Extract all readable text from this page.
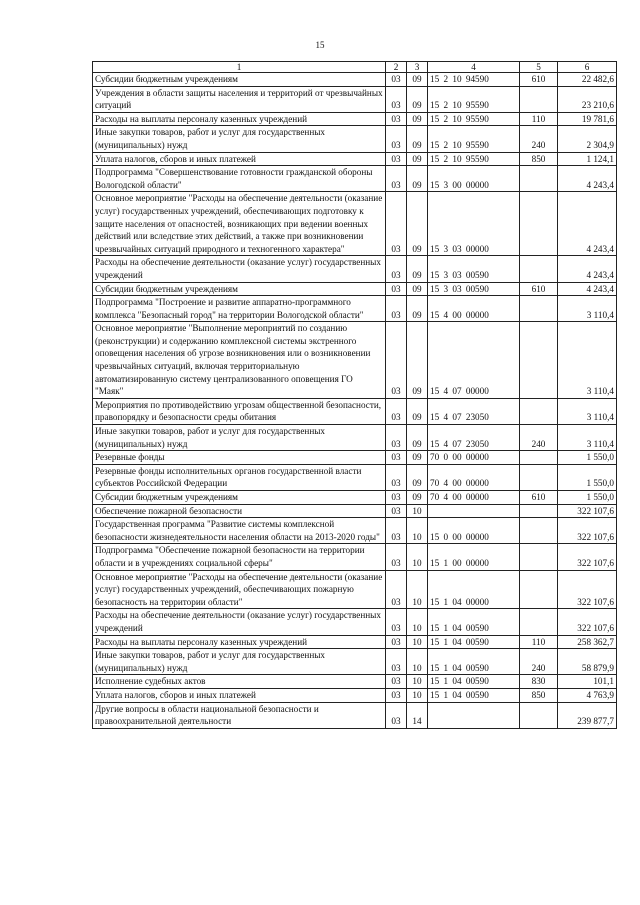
15
1	2	3	4	5	6
Субсидии бюджетным учреждениям	03	09	15 2 10 94590	610	22 482,6
Учреждения в области защиты населения и территорий от чрезвычайных ситуаций	03	09	15 2 10 95590		23 210,6
Расходы на выплаты персоналу казенных учреждений	03	09	15 2 10 95590	110	19 781,6
Иные закупки товаров, работ и услуг для государственных (муниципальных) нужд	03	09	15 2 10 95590	240	2 304,9
Уплата налогов, сборов и иных платежей	03	09	15 2 10 95590	850	1 124,1
Подпрограмма "Совершенствование готовности гражданской обороны Вологодской области"	03	09	15 3 00 00000		4 243,4
Основное мероприятие "Расходы на обеспечение деятельности (оказание услуг) государственных учреждений, обеспечивающих подготовку к защите населения от опасностей, возникающих при ведении военных действий или вследствие этих действий, а также при возникновении чрезвычайных ситуаций природного и техногенного характера"	03	09	15 3 03 00000		4 243,4
Расходы на обеспечение деятельности (оказание услуг) государственных учреждений	03	09	15 3 03 00590		4 243,4
Субсидии бюджетным учреждениям	03	09	15 3 03 00590	610	4 243,4
Подпрограмма "Построение и развитие аппаратно-программного комплекса "Безопасный город" на территории Вологодской области"	03	09	15 4 00 00000		3 110,4
Основное мероприятие "Выполнение мероприятий по созданию (реконструкции) и содержанию комплексной системы экстренного оповещения населения об угрозе возникновения или о возникновении чрезвычайных ситуаций, включая территориальную автоматизированную систему централизованного оповещения ГО "Маяк"	03	09	15 4 07 00000		3 110,4
Мероприятия по противодействию угрозам общественной безопасности, правопорядку и безопасности среды обитания	03	09	15 4 07 23050		3 110,4
Иные закупки товаров, работ и услуг для государственных (муниципальных) нужд	03	09	15 4 07 23050	240	3 110,4
Резервные фонды	03	09	70 0 00 00000		1 550,0
Резервные фонды исполнительных органов государственной власти субъектов Российской Федерации	03	09	70 4 00 00000		1 550,0
Субсидии бюджетным учреждениям	03	09	70 4 00 00000	610	1 550,0
Обеспечение пожарной безопасности	03	10			322 107,6
Государственная программа "Развитие системы комплексной безопасности жизнедеятельности населения области на 2013-2020 годы"	03	10	15 0 00 00000		322 107,6
Подпрограмма "Обеспечение пожарной безопасности на территории области и в учреждениях социальной сферы"	03	10	15 1 00 00000		322 107,6
Основное мероприятие "Расходы на обеспечение деятельности (оказание услуг) государственных учреждений, обеспечивающих пожарную безопасность на территории области"	03	10	15 1 04 00000		322 107,6
Расходы на обеспечение деятельности (оказание услуг) государственных учреждений	03	10	15 1 04 00590		322 107,6
Расходы на выплаты персоналу казенных учреждений	03	10	15 1 04 00590	110	258 362,7
Иные закупки товаров, работ и услуг для государственных (муниципальных) нужд	03	10	15 1 04 00590	240	58 879,9
Исполнение судебных актов	03	10	15 1 04 00590	830	101,1
Уплата налогов, сборов и иных платежей	03	10	15 1 04 00590	850	4 763,9
Другие вопросы в области национальной безопасности и правоохранительной деятельности	03	14			239 877,7
